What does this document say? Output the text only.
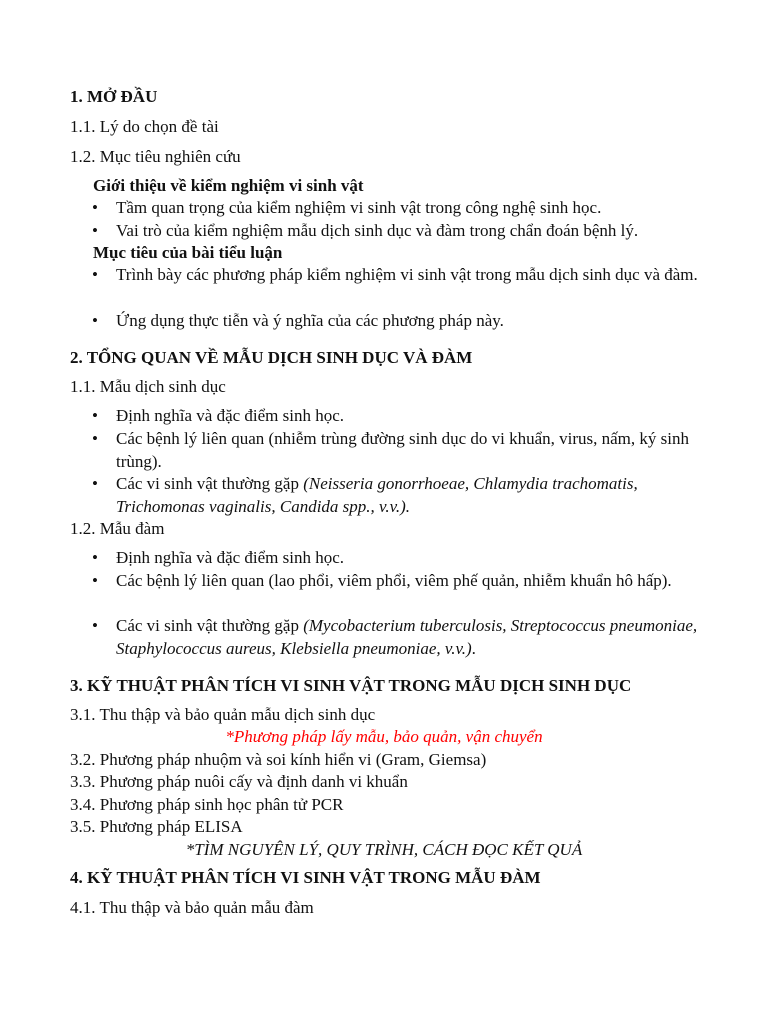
1. MỞ ĐẦU
1.1. Lý do chọn đề tài
1.2. Mục tiêu nghiên cứu
Giới thiệu về kiểm nghiệm vi sinh vật
• Tầm quan trọng của kiểm nghiệm vi sinh vật trong công nghệ sinh học.
• Vai trò của kiểm nghiệm mẫu dịch sinh dục và đàm trong chẩn đoán bệnh lý.
Mục tiêu của bài tiểu luận
• Trình bày các phương pháp kiểm nghiệm vi sinh vật trong mẫu dịch sinh dục và đàm.
• Ứng dụng thực tiễn và ý nghĩa của các phương pháp này.
2. TỔNG QUAN VỀ MẪU DỊCH SINH DỤC VÀ ĐÀM
1.1. Mẫu dịch sinh dục
• Định nghĩa và đặc điểm sinh học.
• Các bệnh lý liên quan (nhiễm trùng đường sinh dục do vi khuẩn, virus, nấm, ký sinh trùng).
• Các vi sinh vật thường gặp (Neisseria gonorrhoeae, Chlamydia trachomatis, Trichomonas vaginalis, Candida spp., v.v.).
1.2. Mẫu đàm
• Định nghĩa và đặc điểm sinh học.
• Các bệnh lý liên quan (lao phổi, viêm phổi, viêm phế quản, nhiễm khuẩn hô hấp).
• Các vi sinh vật thường gặp (Mycobacterium tuberculosis, Streptococcus pneumoniae, Staphylococcus aureus, Klebsiella pneumoniae, v.v.).
3. KỸ THUẬT PHÂN TÍCH VI SINH VẬT TRONG MẪU DỊCH SINH DỤC
3.1. Thu thập và bảo quản mẫu dịch sinh dục
*Phương pháp lấy mẫu, bảo quản, vận chuyển
3.2. Phương pháp nhuộm và soi kính hiển vi (Gram, Giemsa)
3.3. Phương pháp nuôi cấy và định danh vi khuẩn
3.4. Phương pháp sinh học phân tử PCR
3.5. Phương pháp ELISA
*TÌM NGUYÊN LÝ, QUY TRÌNH, CÁCH ĐỌC KẾT QUẢ
4. KỸ THUẬT PHÂN TÍCH VI SINH VẬT TRONG MẪU ĐÀM
4.1. Thu thập và bảo quản mẫu đàm
